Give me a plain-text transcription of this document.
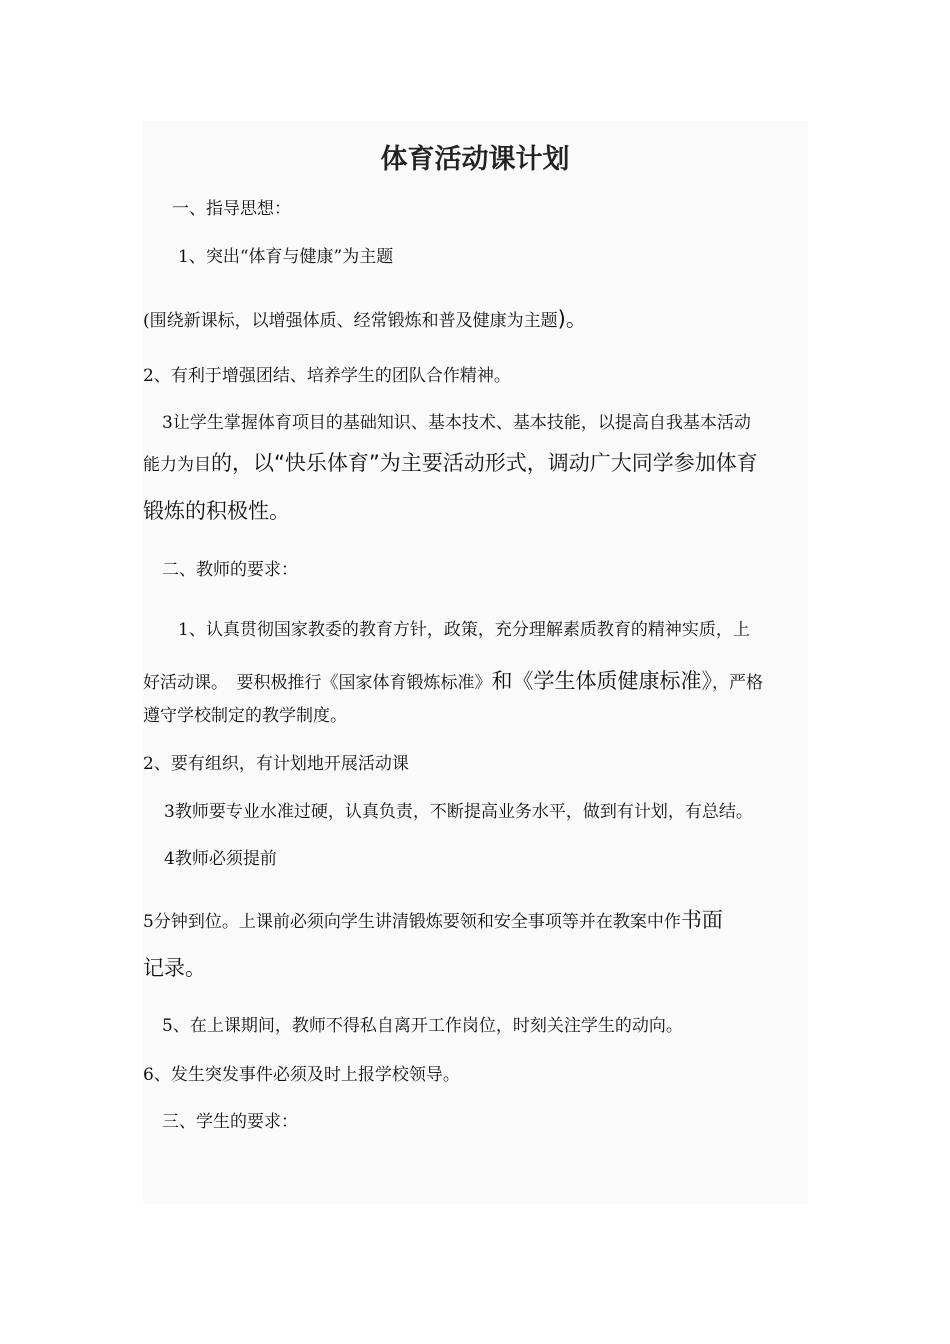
体育活动课计划
一、指导思想：
1、突出“体育与健康”为主题
(围绕新课标，以增强体质、经常锻炼和普及健康为主题)。
2、有利于增强团结、培养学生的团队合作精神。
3让学生掌握体育项目的基础知识、基本技术、基本技能，以提高自我基本活动
能力为目的，以“快乐体育”为主要活动形式，调动广大同学参加体育
锻炼的积极性。
二、教师的要求：
1、认真贯彻国家教委的教育方针，政策，充分理解素质教育的精神实质，上
好活动课。　要积极推行《国家体育锻炼标准》和《学生体质健康标准》，严格
遵守学校制定的教学制度。
2、要有组织，有计划地开展活动课
3教师要专业水准过硬，认真负责，不断提高业务水平，做到有计划，有总结。
4教师必须提前
5分钟到位。上课前必须向学生讲清锻炼要领和安全事项等并在教案中作书面
记录。
5、在上课期间，教师不得私自离开工作岗位，时刻关注学生的动向。
6、发生突发事件必须及时上报学校领导。
三、学生的要求：
